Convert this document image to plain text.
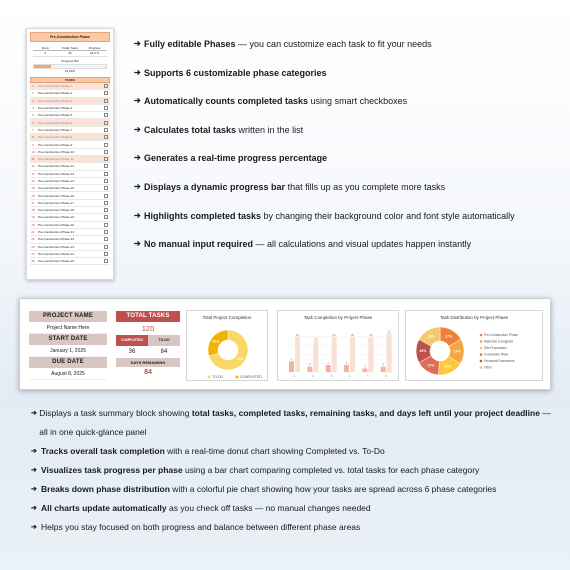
Pre-Construction Phase
Done	Totals Tasks	Progress
6	25	24,0 %
Progress Bar
24,00%
TASKS
1	Pre-Construction Phase 1
2	Pre-Construction Phase 2
3	Pre-Construction Phase 3
4	Pre-Construction Phase 4
5	Pre-Construction Phase 5
6	Pre-Construction Phase 6
7	Pre-Construction Phase 7
8	Pre-Construction Phase 8
9	Pre-Construction Phase 9
10	Pre-Construction Phase 10
11	Pre-Construction Phase 11
12	Pre-Construction Phase 12
13	Pre-Construction Phase 13
14	Pre-Construction Phase 14
15	Pre-Construction Phase 15
16	Pre-Construction Phase 16
17	Pre-Construction Phase 17
18	Pre-Construction Phase 18
19	Pre-Construction Phase 19
20	Pre-Construction Phase 20
21	Pre-Construction Phase 21
22	Pre-Construction Phase 22
23	Pre-Construction Phase 23
24	Pre-Construction Phase 24
25	Pre-Construction Phase 25
➔ Fully editable Phases — you can customize each task to fit your needs
➔ Supports 6 customizable phase categories
➔ Automatically counts completed tasks using smart checkboxes
➔ Calculates total tasks written in the list
➔ Generates a real-time progress percentage
➔ Displays a dynamic progress bar that fills up as you complete more tasks
➔ Highlights completed tasks by changing their background color and font style automatically
➔ No manual input required — all calculations and visual updates happen instantly
PROJECT NAME
Project Name Here
START DATE
January 1, 2025
DUE DATE
August 8, 2025
TOTAL TASKS
120
COMPLETED	TO-DO
36	84
DAYS REMAINING
84
Total Project Completion
70%
30%
TO-DO	COMPLETED
Task Completion by Project Phase
6
20
1
3
18
2
4
20
3
4
20
4
2
20
5
3
22
6
Task Distribution by Project Phase
17%
17%
17%
17%
16%
16%	Pre-Construction Phase
Materials & Supplies
Site Preparation
Foundation Work
Structural Framework
Other
➔ Displays a task summary block showing total tasks, completed tasks, remaining tasks, and days left until your project deadline — all in one quick-glance panel
➔ Tracks overall task completion with a real-time donut chart showing Completed vs. To-Do
➔ Visualizes task progress per phase using a bar chart comparing completed vs. total tasks for each phase category
➔ Breaks down phase distribution with a colorful pie chart showing how your tasks are spread across 6 phase categories
➔ All charts update automatically as you check off tasks — no manual changes needed
➔ Helps you stay focused on both progress and balance between different phase areas
